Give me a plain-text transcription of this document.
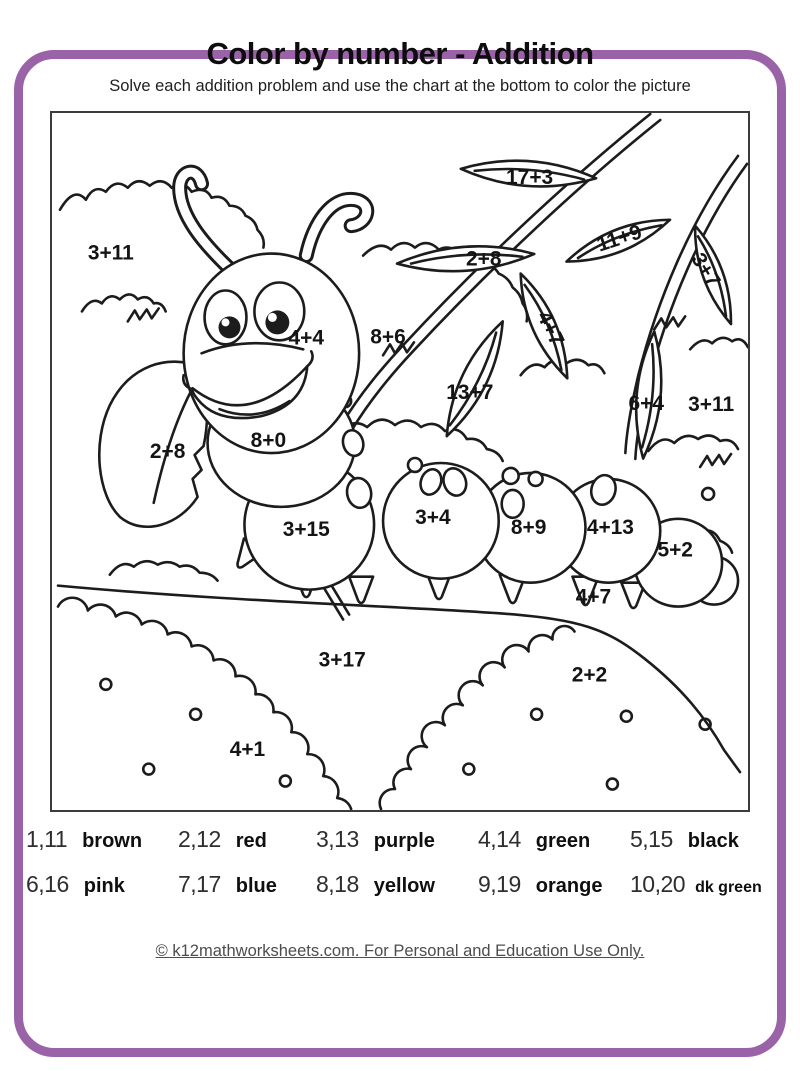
Color by number - Addition
Solve each addition problem and use the chart at the bottom to color the picture
3+11
17+3
2+8
11+9
3+7
4+7
4+4 8+6
13+7	6+4 3+11
8+0
2+8
3+15
3+4	8+9 4+13
5+2
4+7
3+17
2+2
4+1
1,11 brown 2,12 red 3,13 purple 4,14 green 5,15 black
6,16 pink 7,17 blue 8,18 yellow 9,19 orange 10,20 dk green
© k12mathworksheets.com. For Personal and Education Use Only.
